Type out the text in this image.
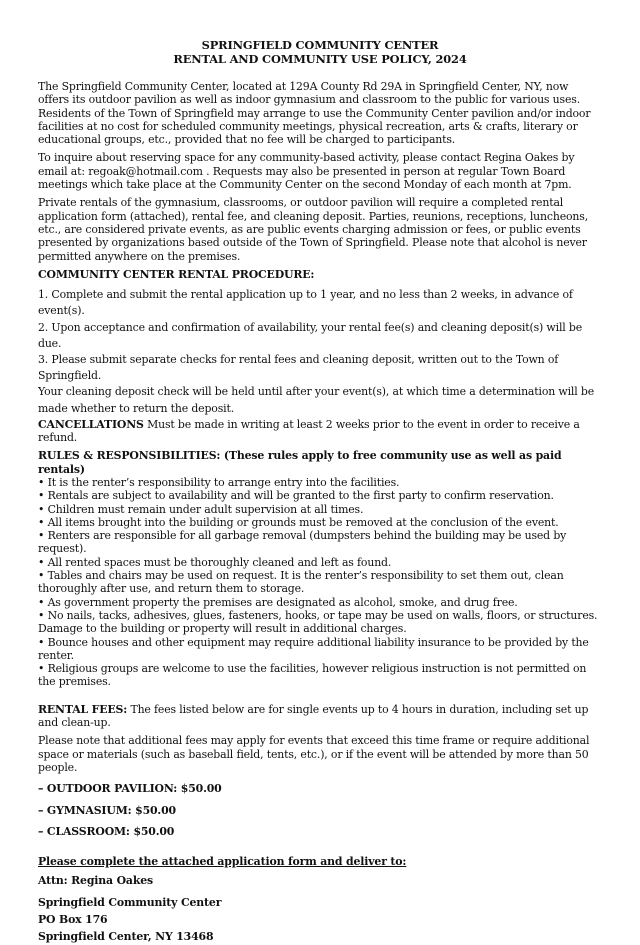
SPRINGFIELD COMMUNITY CENTER
RENTAL AND COMMUNITY USE POLICY, 2024

The Springfield Community Center, located at 129A County Rd 29A in Springfield Center, NY, now offers its outdoor pavilion as well as indoor gymnasium and classroom to the public for various uses. Residents of the Town of Springfield may arrange to use the Community Center pavilion and/or indoor facilities at no cost for scheduled community meetings, physical recreation, arts & crafts, literary or educational groups, etc., provided that no fee will be charged to participants.

To inquire about reserving space for any community-based activity, please contact Regina Oakes by email at: regoak@hotmail.com . Requests may also be presented in person at regular Town Board meetings which take place at the Community Center on the second Monday of each month at 7pm.

Private rentals of the gymnasium, classrooms, or outdoor pavilion will require a completed rental application form (attached), rental fee, and cleaning deposit. Parties, reunions, receptions, luncheons, etc., are considered private events, as are public events charging admission or fees, or public events presented by organizations based outside of the Town of Springfield. Please note that alcohol is never permitted anywhere on the premises.

COMMUNITY CENTER RENTAL PROCEDURE:

1. Complete and submit the rental application up to 1 year, and no less than 2 weeks, in advance of event(s).
2. Upon acceptance and confirmation of availability, your rental fee(s) and cleaning deposit(s) will be due.
3. Please submit separate checks for rental fees and cleaning deposit, written out to the Town of Springfield.
Your cleaning deposit check will be held until after your event(s), at which time a determination will be
made whether to return the deposit.

CANCELLATIONS Must be made in writing at least 2 weeks prior to the event in order to receive a refund.

RULES & RESPONSIBILITIES: (These rules apply to free community use as well as paid rentals)

• It is the renter’s responsibility to arrange entry into the facilities.
• Rentals are subject to availability and will be granted to the first party to confirm reservation.
• Children must remain under adult supervision at all times.
• All items brought into the building or grounds must be removed at the conclusion of the event.
• Renters are responsible for all garbage removal (dumpsters behind the building may be used by request).
• All rented spaces must be thoroughly cleaned and left as found.
• Tables and chairs may be used on request. It is the renter’s responsibility to set them out, clean thoroughly after use, and return them to storage.
• As government property the premises are designated as alcohol, smoke, and drug free.
• No nails, tacks, adhesives, glues, fasteners, hooks, or tape may be used on walls, floors, or structures. Damage to the building or property will result in additional charges.
• Bounce houses and other equipment may require additional liability insurance to be provided by the renter.
• Religious groups are welcome to use the facilities, however religious instruction is not permitted on the premises.

RENTAL FEES: The fees listed below are for single events up to 4 hours in duration, including set up and clean-up.

Please note that additional fees may apply for events that exceed this time frame or require additional space or materials (such as baseball field, tents, etc.), or if the event will be attended by more than 50 people.

– OUTDOOR PAVILION: $50.00

– GYMNASIUM: $50.00

– CLASSROOM: $50.00

Please complete the attached application form and deliver to:

Attn: Regina Oakes

Springfield Community Center
PO Box 176
Springfield Center, NY 13468
